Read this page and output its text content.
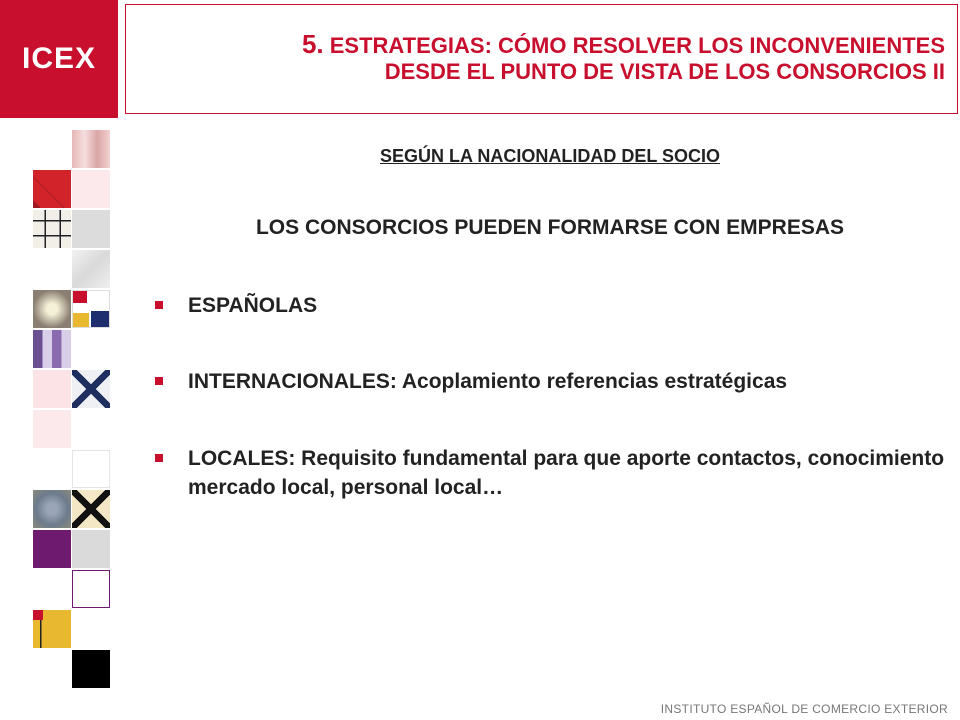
ICEX	5. ESTRATEGIAS: CÓMO RESOLVER LOS INCONVENIENTES
DESDE EL PUNTO DE VISTA DE LOS CONSORCIOS II
SEGÚN LA NACIONALIDAD DEL SOCIO
LOS CONSORCIOS PUEDEN FORMARSE CON EMPRESAS
ESPAÑOLAS
INTERNACIONALES: Acoplamiento referencias estratégicas
LOCALES: Requisito fundamental para que aporte contactos, conocimiento mercado local, personal local…
INSTITUTO ESPAÑOL DE COMERCIO EXTERIOR
